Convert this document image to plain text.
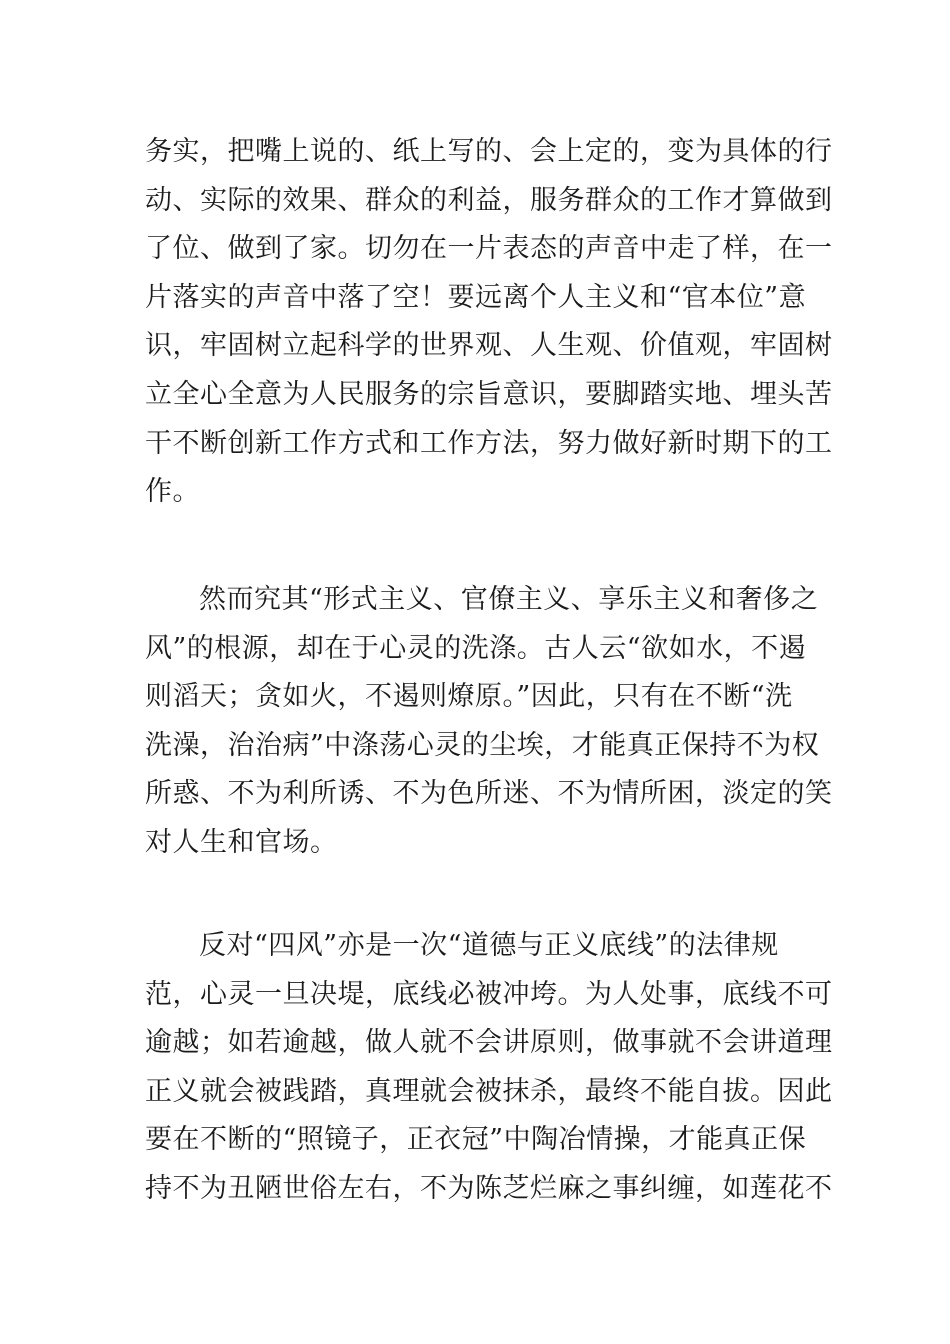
务实，把嘴上说的、纸上写的、会上定的，变为具体的行
动、实际的效果、群众的利益，服务群众的工作才算做到
了位、做到了家。切勿在一片表态的声音中走了样，在一
片落实的声音中落了空！要远离个人主义和“官本位”意
识，牢固树立起科学的世界观、人生观、价值观，牢固树
立全心全意为人民服务的宗旨意识，要脚踏实地、埋头苦
干不断创新工作方式和工作方法，努力做好新时期下的工
作。

然而究其“形式主义、官僚主义、享乐主义和奢侈之
风”的根源，却在于心灵的洗涤。古人云“欲如水，不遏
则滔天；贪如火，不遏则燎原。”因此，只有在不断“洗
洗澡，治治病”中涤荡心灵的尘埃，才能真正保持不为权
所惑、不为利所诱、不为色所迷、不为情所困，淡定的笑
对人生和官场。

反对“四风”亦是一次“道德与正义底线”的法律规
范，心灵一旦决堤，底线必被冲垮。为人处事，底线不可
逾越；如若逾越，做人就不会讲原则，做事就不会讲道理
正义就会被践踏，真理就会被抹杀，最终不能自拔。因此
要在不断的“照镜子，正衣冠”中陶冶情操，才能真正保
持不为丑陋世俗左右，不为陈芝烂麻之事纠缠，如莲花不
